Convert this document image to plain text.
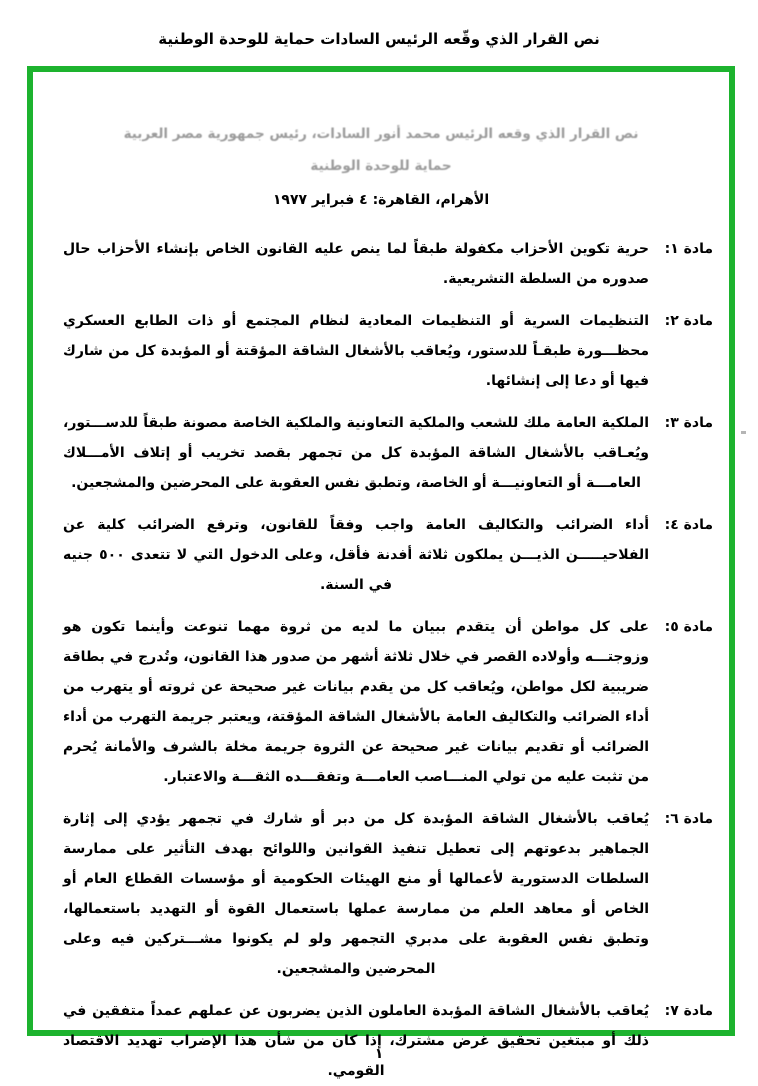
نص القرار الذي وقّعه الرئيس السادات حماية للوحدة الوطنية
نص القرار الذي وقعه الرئيس محمد أنور السادات، رئيس جمهورية مصر العربية
حماية للوحدة الوطنية
الأهرام، القاهرة: ٤ فبراير ١٩٧٧
مادة ١:
حرية تكوين الأحزاب مكفولة طبقاً لما ينص عليه القانون الخاص بإنشاء الأحزاب حال صدوره من السلطة التشريعية.
مادة ٢:
التنظيمات السرية أو التنظيمات المعادية لنظام المجتمع أو ذات الطابع العسكري محظـــورة طبقـاً للدستور، ويُعاقب بالأشغال الشاقة المؤقتة أو المؤبدة كل من شارك فيها أو دعا إلى إنشائها.
مادة ٣:
الملكية العامة ملك للشعب والملكية التعاونية والملكية الخاصة مصونة طبقاً للدســـتور، ويُعـاقب بالأشغال الشاقة المؤبدة كل من تجمهر بقصد تخريب أو إتلاف الأمـــلاك العامـــة أو التعاونيـــة أو الخاصة، وتطبق نفس العقوبة على المحرضين والمشجعين.
مادة ٤:
أداء الضرائب والتكاليف العامة واجب وفقاً للقانون، وترفع الضرائب كلية عن الفلاحيـــــن الذيـــن يملكون ثلاثة أفدنة فأقل، وعلى الدخول التي لا تتعدى ٥٠٠ جنيه في السنة.
مادة ٥:
على كل مواطن أن يتقدم ببيان ما لديه من ثروة مهما تنوعت وأينما تكون هو وزوجتـــه وأولاده القصر في خلال ثلاثة أشهر من صدور هذا القانون، وتُدرج في بطاقة ضريبية لكل مواطن، ويُعاقب كل من يقدم بيانات غير صحيحة عن ثروته أو يتهرب من أداء الضرائب والتكاليف العامة بالأشغال الشاقة المؤقتة، ويعتبر جريمة التهرب من أداء الضرائب أو تقديم بيانات غير صحيحة عن الثروة جريمة مخلة بالشرف والأمانة يُحرم من تثبت عليه من تولي المنـــاصب العامـــة وتفقـــده الثقـــة والاعتبار.
مادة ٦:
يُعاقب بالأشغال الشاقة المؤبدة كل من دبر أو شارك في تجمهر يؤدي إلى إثارة الجماهير بدعوتهم إلى تعطيل تنفيذ القوانين واللوائح بهدف التأثير على ممارسة السلطات الدستورية لأعمالها أو منع الهيئات الحكومية أو مؤسسات القطاع العام أو الخاص أو معاهد العلم من ممارسة عملها باستعمال القوة أو التهديد باستعمالها، وتطبق نفس العقوبة على مدبري التجمهر ولو لم يكونوا مشـــتركين فيه وعلى المحرضين والمشجعين.
مادة ٧:
يُعاقب بالأشغال الشاقة المؤبدة العاملون الذين يضربون عن عملهم عمداً متفقين في ذلك أو مبتغين تحقيق غرض مشترك، إذا كان من شأن هذا الإضراب تهديد الاقتصاد القومي.
١
